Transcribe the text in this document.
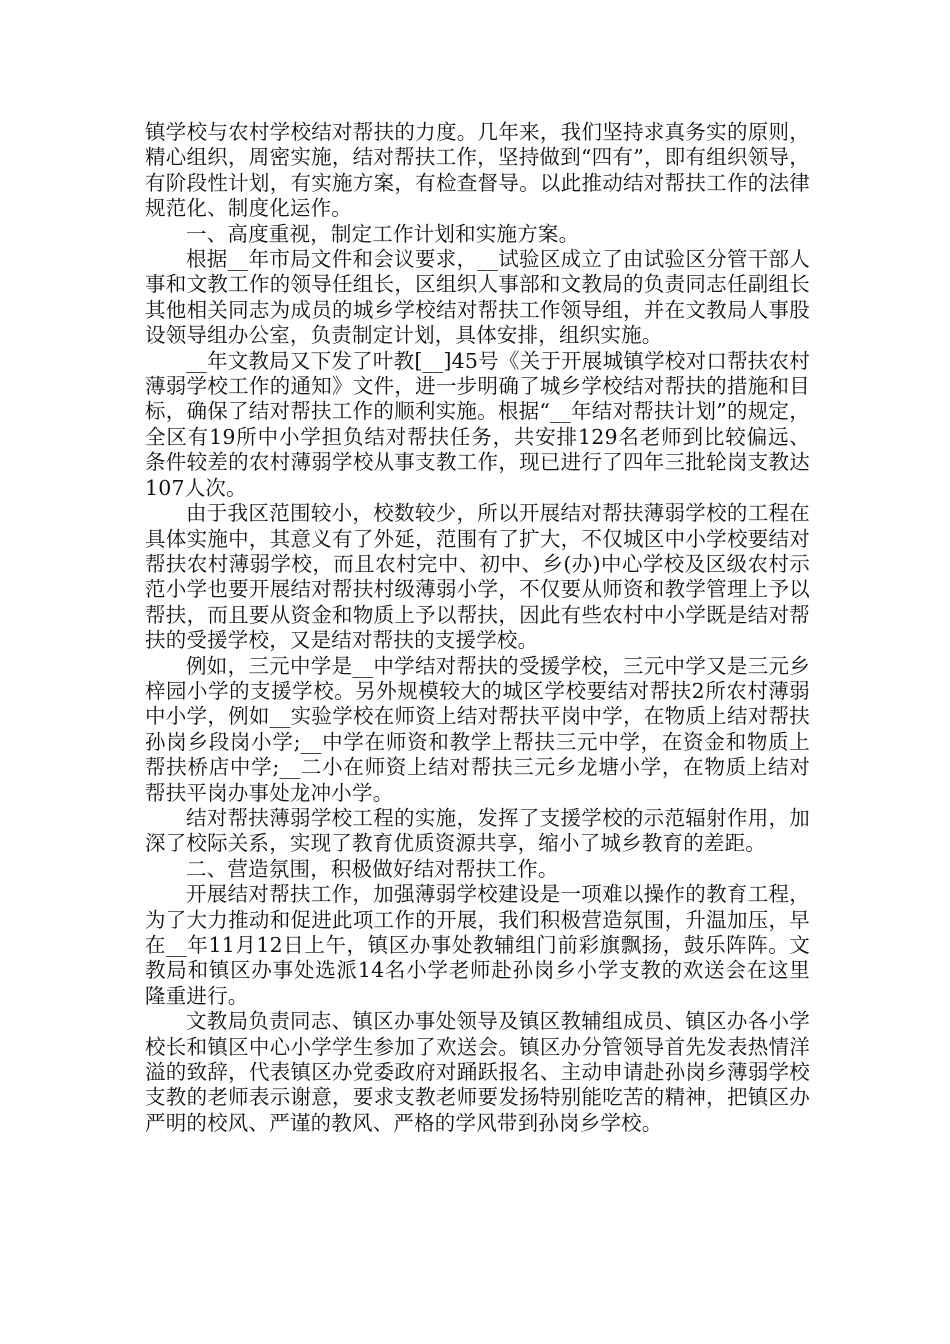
镇学校与农村学校结对帮扶的力度。几年来，我们坚持求真务实的原则，精心组织，周密实施，结对帮扶工作，坚持做到“四有”，即有组织领导，有阶段性计划，有实施方案，有检查督导。以此推动结对帮扶工作的法律规范化、制度化运作。

一、高度重视，制定工作计划和实施方案。

根据__年市局文件和会议要求，__试验区成立了由试验区分管干部人事和文教工作的领导任组长，区组织人事部和文教局的负责同志任副组长其他相关同志为成员的城乡学校结对帮扶工作领导组，并在文教局人事股设领导组办公室，负责制定计划，具体安排，组织实施。

__年文教局又下发了叶教[__]45号《关于开展城镇学校对口帮扶农村薄弱学校工作的通知》文件，进一步明确了城乡学校结对帮扶的措施和目标，确保了结对帮扶工作的顺利实施。根据“__年结对帮扶计划”的规定，全区有19所中小学担负结对帮扶任务，共安排129名老师到比较偏远、条件较差的农村薄弱学校从事支教工作，现已进行了四年三批轮岗支教达107人次。

由于我区范围较小，校数较少，所以开展结对帮扶薄弱学校的工程在具体实施中，其意义有了外延，范围有了扩大，不仅城区中小学校要结对帮扶农村薄弱学校，而且农村完中、初中、乡(办)中心学校及区级农村示范小学也要开展结对帮扶村级薄弱小学，不仅要从师资和教学管理上予以帮扶，而且要从资金和物质上予以帮扶，因此有些农村中小学既是结对帮扶的受援学校，又是结对帮扶的支援学校。

例如，三元中学是__中学结对帮扶的受援学校，三元中学又是三元乡梓园小学的支援学校。另外规模较大的城区学校要结对帮扶2所农村薄弱中小学，例如__实验学校在师资上结对帮扶平岗中学，在物质上结对帮扶孙岗乡段岗小学;__中学在师资和教学上帮扶三元中学，在资金和物质上帮扶桥店中学;__二小在师资上结对帮扶三元乡龙塘小学，在物质上结对帮扶平岗办事处龙冲小学。

结对帮扶薄弱学校工程的实施，发挥了支援学校的示范辐射作用，加深了校际关系，实现了教育优质资源共享，缩小了城乡教育的差距。

二、营造氛围，积极做好结对帮扶工作。

开展结对帮扶工作，加强薄弱学校建设是一项难以操作的教育工程，为了大力推动和促进此项工作的开展，我们积极营造氛围，升温加压，早在__年11月12日上午，镇区办事处教辅组门前彩旗飘扬，鼓乐阵阵。文教局和镇区办事处选派14名小学老师赴孙岗乡小学支教的欢送会在这里隆重进行。

文教局负责同志、镇区办事处领导及镇区教辅组成员、镇区办各小学校长和镇区中心小学学生参加了欢送会。镇区办分管领导首先发表热情洋溢的致辞，代表镇区办党委政府对踊跃报名、主动申请赴孙岗乡薄弱学校支教的老师表示谢意，要求支教老师要发扬特别能吃苦的精神，把镇区办严明的校风、严谨的教风、严格的学风带到孙岗乡学校。
